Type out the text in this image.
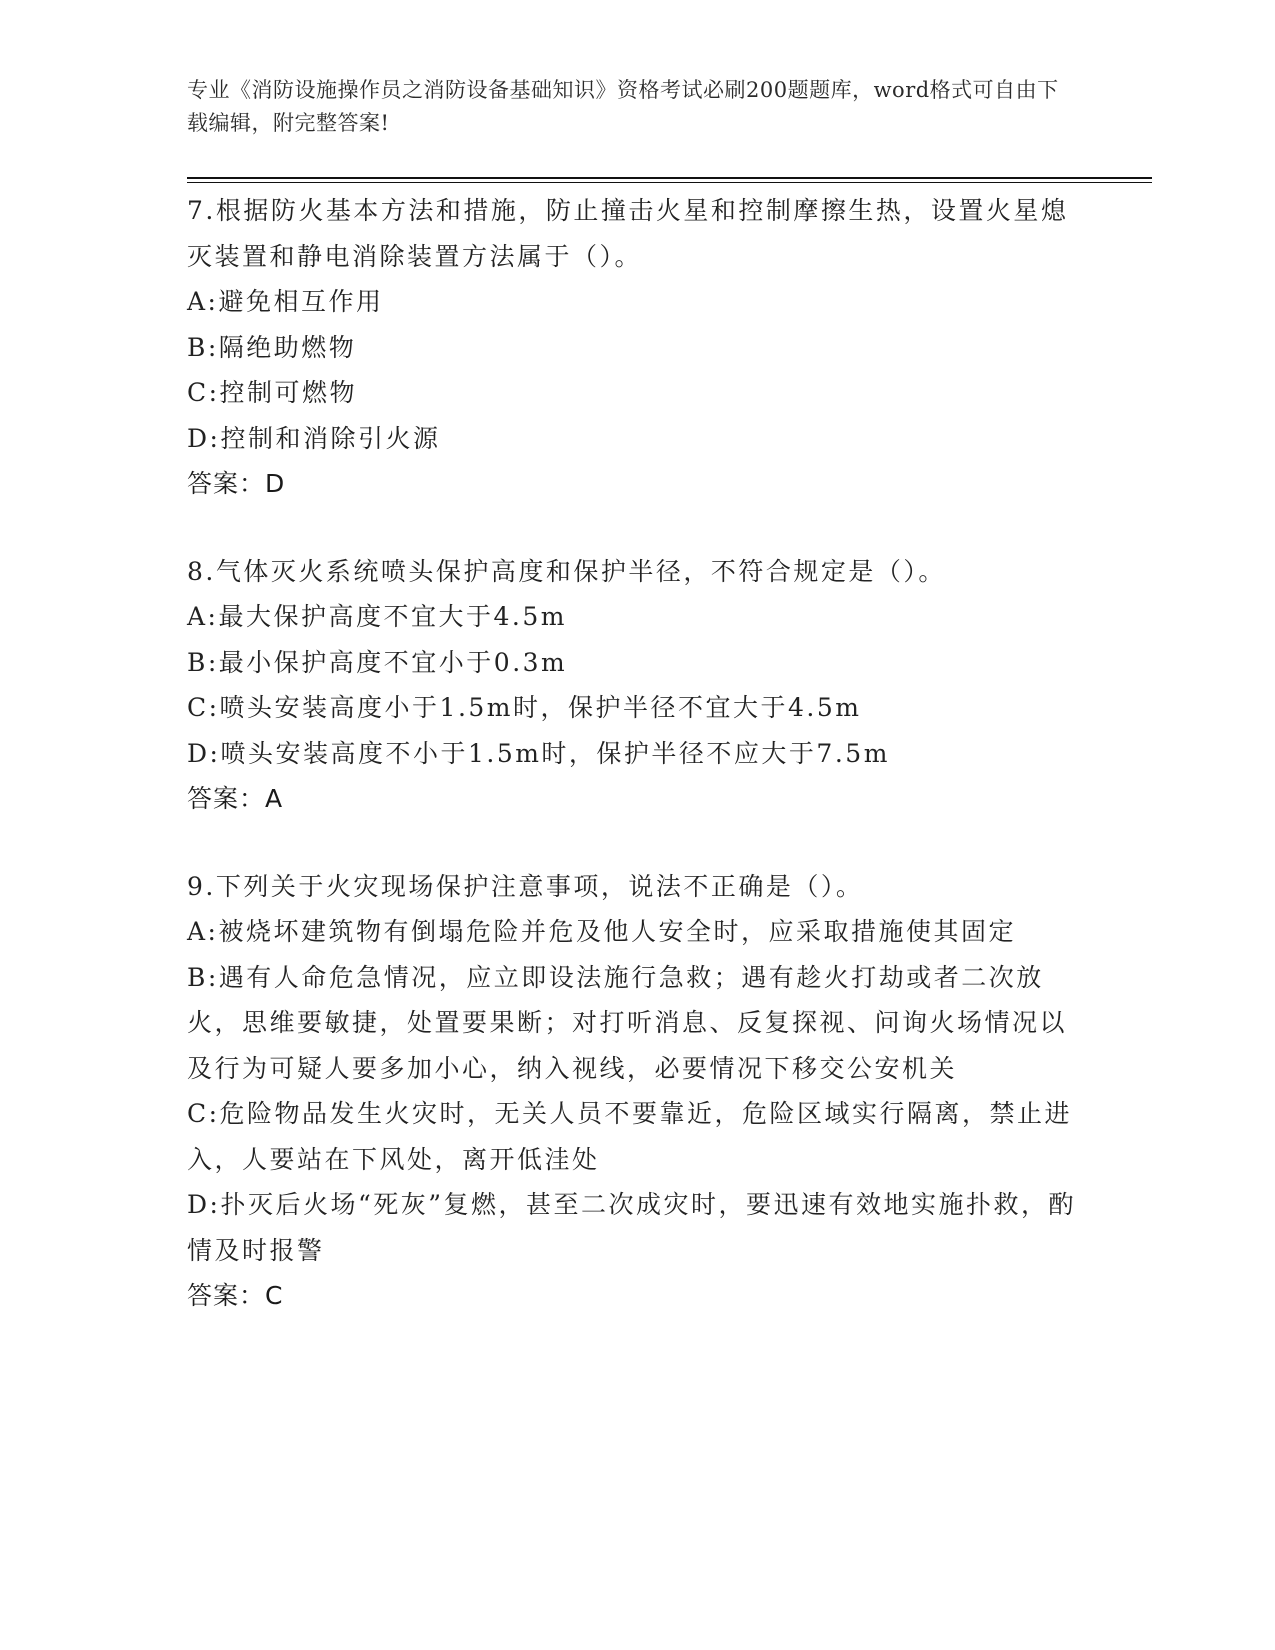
专业《消防设施操作员之消防设备基础知识》资格考试必刷200题题库，word格式可自由下载编辑，附完整答案!

7.根据防火基本方法和措施，防止撞击火星和控制摩擦生热，设置火星熄灭装置和静电消除装置方法属于（）。

A:避免相互作用

B:隔绝助燃物

C:控制可燃物

D:控制和消除引火源

答案：D

8.气体灭火系统喷头保护高度和保护半径，不符合规定是（）。

A:最大保护高度不宜大于4.5m

B:最小保护高度不宜小于0.3m

C:喷头安装高度小于1.5m时，保护半径不宜大于4.5m

D:喷头安装高度不小于1.5m时，保护半径不应大于7.5m

答案：A

9.下列关于火灾现场保护注意事项，说法不正确是（）。

A:被烧坏建筑物有倒塌危险并危及他人安全时，应采取措施使其固定

B:遇有人命危急情况，应立即设法施行急救；遇有趁火打劫或者二次放火，思维要敏捷，处置要果断；对打听消息、反复探视、问询火场情况以及行为可疑人要多加小心，纳入视线，必要情况下移交公安机关

C:危险物品发生火灾时，无关人员不要靠近，危险区域实行隔离，禁止进入，人要站在下风处，离开低洼处

D:扑灭后火场“死灰”复燃，甚至二次成灾时，要迅速有效地实施扑救，酌情及时报警

答案：C
